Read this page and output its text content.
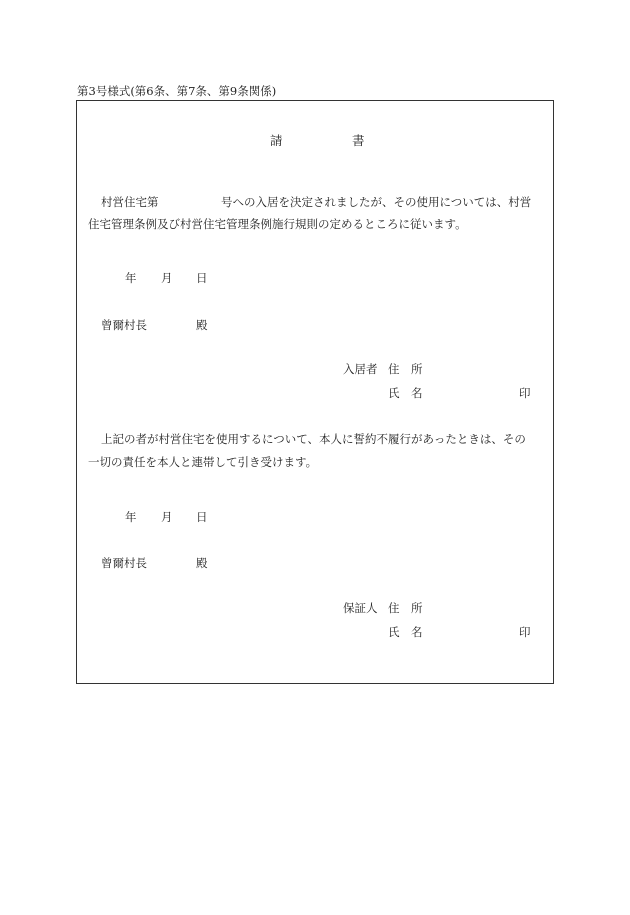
第3号様式(第6条、第7条、第9条関係)
請	書
村営住宅第	号への入居を決定されましたが、その使用については、村営
住宅管理条例及び村営住宅管理条例施行規則の定めるところに従います。
年 月 日
曾爾村長	殿
入居者 住 所
氏 名	印
上記の者が村営住宅を使用するについて、本人に誓約不履行があったときは、その
一切の責任を本人と連帯して引き受けます。
年 月 日
曾爾村長	殿
保証人 住 所
氏 名	印
